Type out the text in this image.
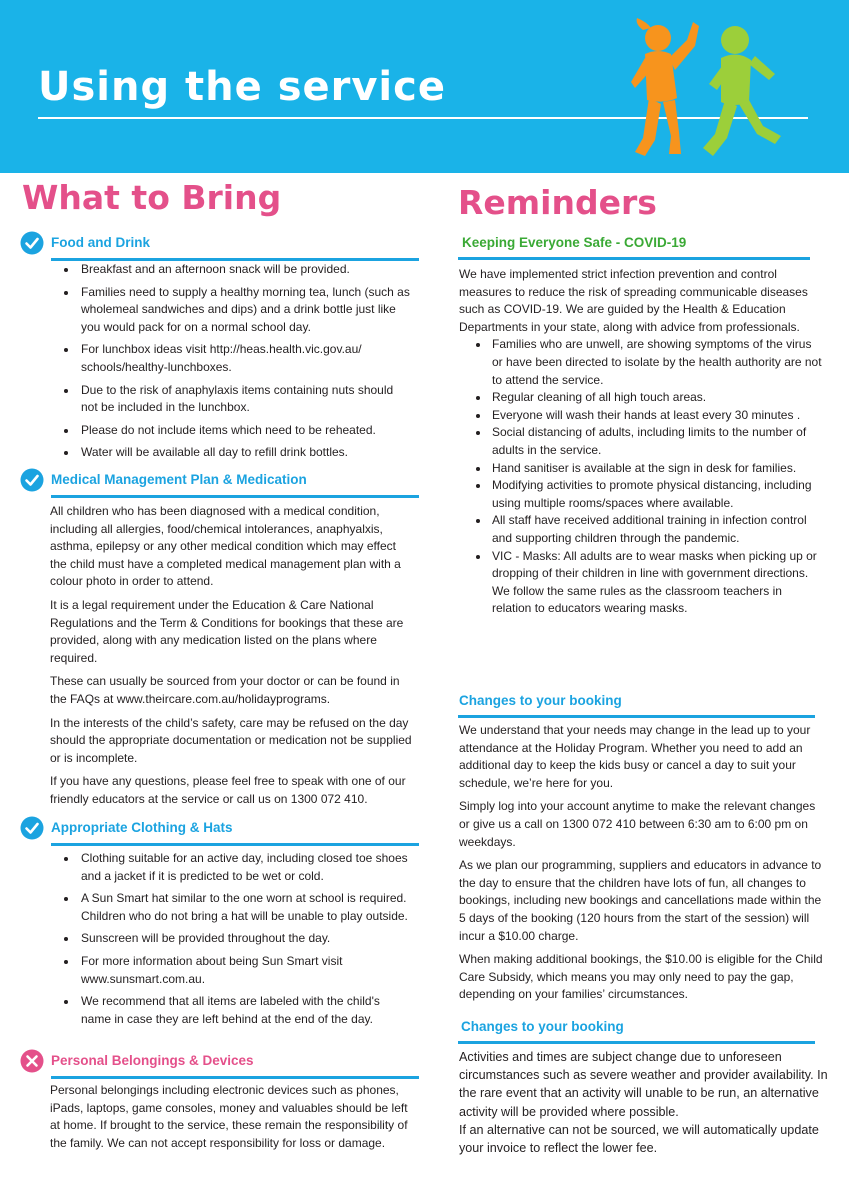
Using the service
What to Bring
Food and Drink
Breakfast and an afternoon snack will be provided.
Families need to supply a healthy morning tea, lunch (such as wholemeal sandwiches and dips) and a drink bottle just like you would pack for on a normal school day.
For lunchbox ideas visit http://heas.health.vic.gov.au/ schools/healthy-lunchboxes.
Due to the risk of anaphylaxis items containing nuts should not be included in the lunchbox.
Please do not include items which need to be reheated.
Water will be available all day to refill drink bottles.
Medical Management Plan & Medication

All children who has been diagnosed with a medical condition, including all allergies, food/chemical intolerances, anaphyalxis, asthma, epilepsy or any other medical condition which may effect the child must have a completed medical management plan with a colour photo in order to attend.

It is a legal requirement under the Education & Care National Regulations and the Term & Conditions for bookings that these are provided, along with any medication listed on the plans where required.

These can usually be sourced from your doctor or can be found in the FAQs at www.theircare.com.au/holidayprograms.

In the interests of the child’s safety, care may be refused on the day should the appropriate documentation or medication not be supplied or is incomplete.

If you have any questions, please feel free to speak with one of our friendly educators at the service or call us on 1300 072 410.

Appropriate Clothing & Hats
Clothing suitable for an active day, including closed toe shoes and a jacket if it is predicted to be wet or cold.
A Sun Smart hat similar to the one worn at school is required. Children who do not bring a hat will be unable to play outside.
Sunscreen will be provided throughout the day.
For more information about being Sun Smart visit www.sunsmart.com.au.
We recommend that all items are labeled with the child's name in case they are left behind at the end of the day.
Personal Belongings & Devices

Personal belongings including electronic devices such as phones, iPads, laptops, game consoles, money and valuables should be left at home. If brought to the service, these remain the responsibility of the family. We can not accept responsibility for loss or damage.

Reminders
Keeping Everyone Safe - COVID-19

We have implemented strict infection prevention and control measures to reduce the risk of spreading communicable diseases such as COVID-19. We are guided by the Health & Education Departments in your state, along with advice from professionals.

Families who are unwell, are showing symptoms of the virus or have been directed to isolate by the health authority are not to attend the service.
Regular cleaning of all high touch areas.
Everyone will wash their hands at least every 30 minutes .
Social distancing of adults, including limits to the number of adults in the service.
Hand sanitiser is available at the sign in desk for families.
Modifying activities to promote physical distancing, including using multiple rooms/spaces where available.
All staff have received additional training in infection control and supporting children through the pandemic.
VIC - Masks: All adults are to wear masks when picking up or dropping of their children in line with government directions. We follow the same rules as the classroom teachers in relation to educators wearing masks.
Changes to your booking

We understand that your needs may change in the lead up to your attendance at the Holiday Program. Whether you need to add an additional day to keep the kids busy or cancel a day to suit your schedule, we’re here for you.

Simply log into your account anytime to make the relevant changes or give us a call on 1300 072 410 between 6:30 am to 6:00 pm on weekdays.

As we plan our programming, suppliers and educators in advance to the day to ensure that the children have lots of fun, all changes to bookings, including new bookings and cancellations made within the 5 days of the booking (120 hours from the start of the session) will incur a $10.00 charge.

When making additional bookings, the $10.00 is eligible for the Child Care Subsidy, which means you may only need to pay the gap, depending on your families’ circumstances.

Changes to your booking

Activities and times are subject change due to unforeseen circumstances such as severe weather and provider availability. In the rare event that an activity will unable to be run, an alternative activity will be provided where possible.

If an alternative can not be sourced, we will automatically update your invoice to reflect the lower fee.
